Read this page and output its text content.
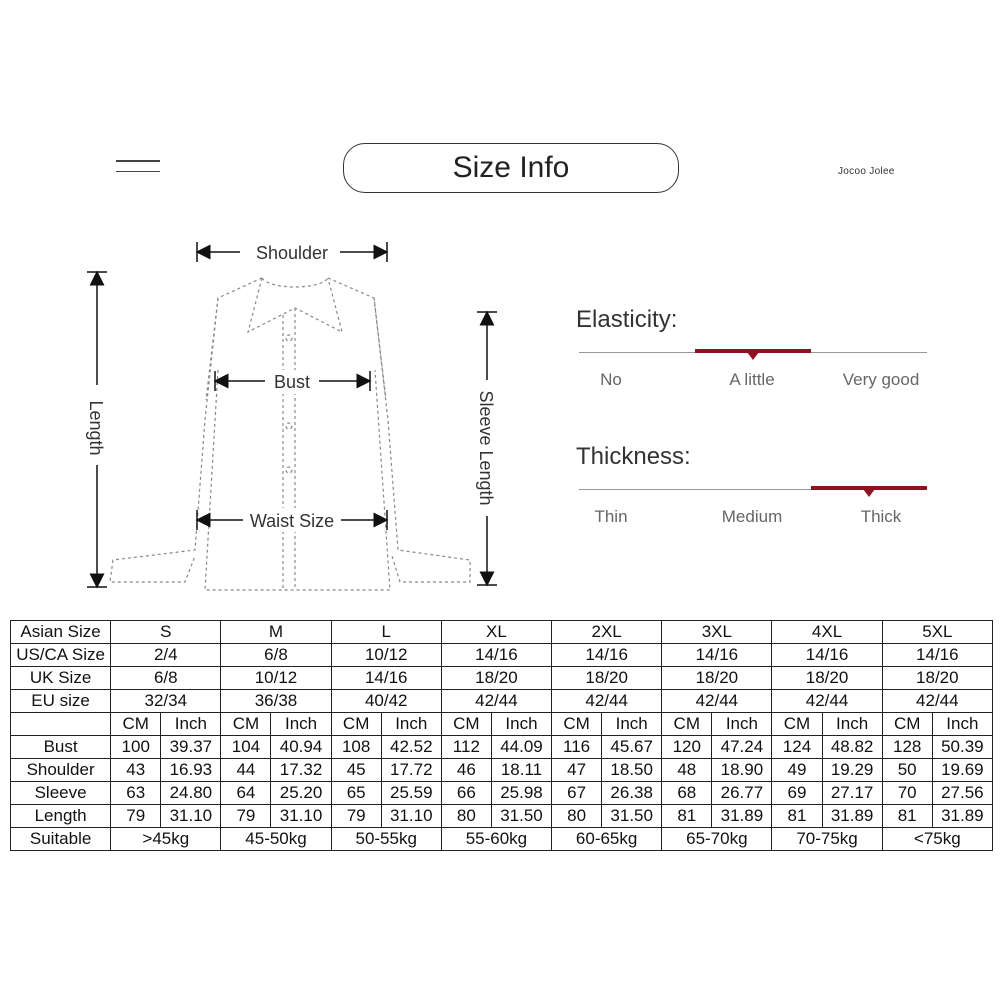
Size Info	Jocoo Jolee
Shoulder
Bust
Waist Size
Length	Sleeve Length
Elasticity:
No	A little	Very good
Thickness:
Thin	Medium	Thick
Asian Size	S		M		L		XL		2XL		3XL		4XL		5XL	
US/CA Size	2/4		6/8		10/12		14/16		14/16		14/16		14/16		14/16	
UK Size	6/8		10/12		14/16		18/20		18/20		18/20		18/20		18/20	
EU size	32/34		36/38		40/42		42/44		42/44		42/44		42/44		42/44	
	CM	Inch	CM	Inch	CM	Inch	CM	Inch	CM	Inch	CM	Inch	CM	Inch	CM	Inch
Bust	100	39.37	104	40.94	108	42.52	112	44.09	116	45.67	120	47.24	124	48.82	128	50.39
Shoulder	43	16.93	44	17.32	45	17.72	46	18.11	47	18.50	48	18.90	49	19.29	50	19.69
Sleeve	63	24.80	64	25.20	65	25.59	66	25.98	67	26.38	68	26.77	69	27.17	70	27.56
Length	79	31.10	79	31.10	79	31.10	80	31.50	80	31.50	81	31.89	81	31.89	81	31.89
Suitable	>45kg		45-50kg		50-55kg		55-60kg		60-65kg		65-70kg		70-75kg		<75kg	
